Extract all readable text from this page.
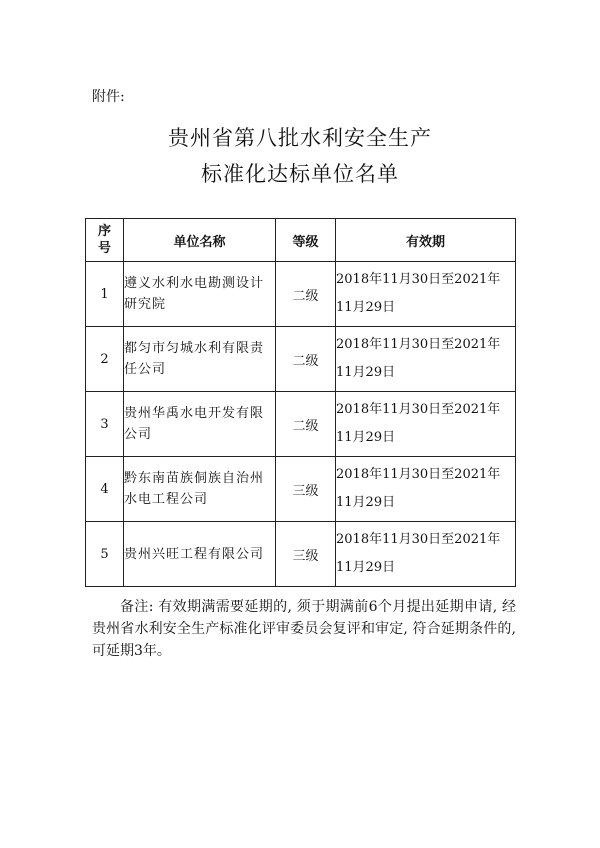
附件:
贵州省第八批水利安全生产
标准化达标单位名单
序
号	单位名称	等级	有效期
1	遵义水利水电勘测设计研究院	二级	2018年11月30日至2021年
11月29日

2	都匀市匀城水利有限责任公司	二级	2018年11月30日至2021年
11月29日

3	贵州华禹水电开发有限公司	二级	2018年11月30日至2021年
11月29日

4	黔东南苗族侗族自治州水电工程公司	三级	2018年11月30日至2021年
11月29日

5	贵州兴旺工程有限公司	三级	2018年11月30日至2021年
11月29日
备注: 有效期满需要延期的, 须于期满前6个月提出延期申请, 经贵州省水利安全生产标准化评审委员会复评和审定, 符合延期条件的, 可延期3年。
